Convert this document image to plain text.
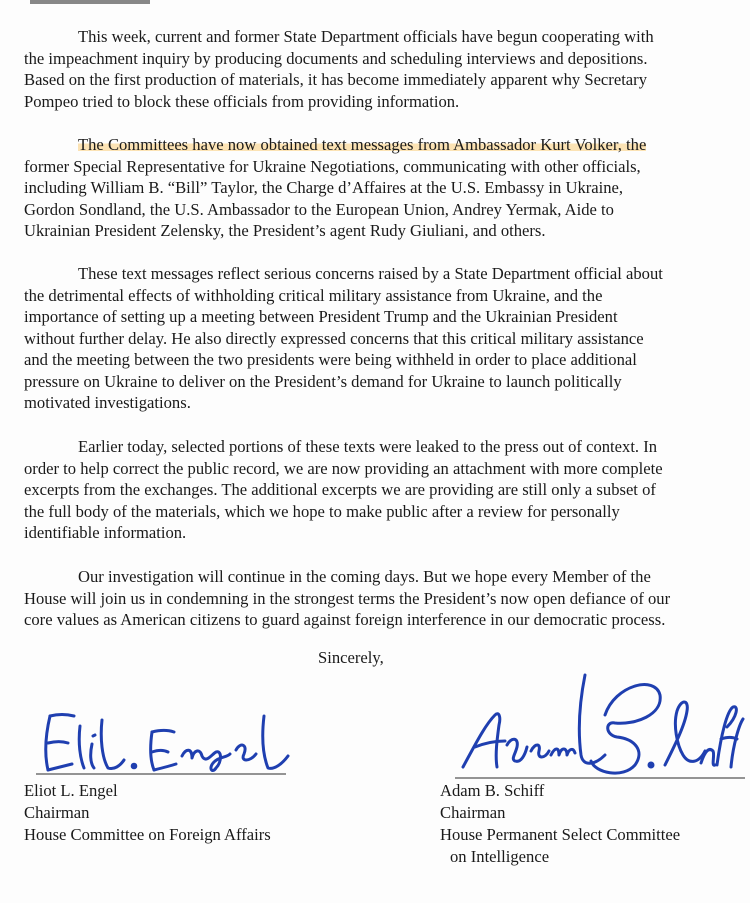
This week, current and former State Department officials have begun cooperating with
the impeachment inquiry by producing documents and scheduling interviews and depositions.
Based on the first production of materials, it has become immediately apparent why Secretary
Pompeo tried to block these officials from providing information.

The Committees have now obtained text messages from Ambassador Kurt Volker, the
former Special Representative for Ukraine Negotiations, communicating with other officials,
including William B. “Bill” Taylor, the Charge d’Affaires at the U.S. Embassy in Ukraine,
Gordon Sondland, the U.S. Ambassador to the European Union, Andrey Yermak, Aide to
Ukrainian President Zelensky, the President’s agent Rudy Giuliani, and others.

These text messages reflect serious concerns raised by a State Department official about
the detrimental effects of withholding critical military assistance from Ukraine, and the
importance of setting up a meeting between President Trump and the Ukrainian President
without further delay. He also directly expressed concerns that this critical military assistance
and the meeting between the two presidents were being withheld in order to place additional
pressure on Ukraine to deliver on the President’s demand for Ukraine to launch politically
motivated investigations.

Earlier today, selected portions of these texts were leaked to the press out of context. In
order to help correct the public record, we are now providing an attachment with more complete
excerpts from the exchanges. The additional excerpts we are providing are still only a subset of
the full body of the materials, which we hope to make public after a review for personally
identifiable information.

Our investigation will continue in the coming days. But we hope every Member of the
House will join us in condemning in the strongest terms the President’s now open defiance of our
core values as American citizens to guard against foreign interference in our democratic process.

Sincerely,

Eliot L. Engel
Chairman
House Committee on Foreign Affairs
Adam B. Schiff
Chairman
House Permanent Select Committee
on Intelligence
